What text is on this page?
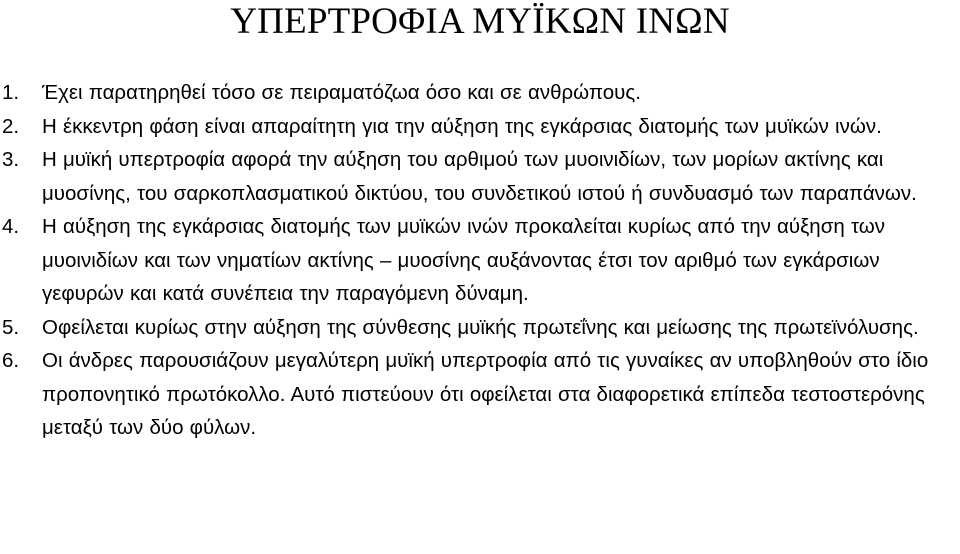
ΥΠΕΡΤΡΟΦΙΑ ΜΥΪΚΩΝ ΙΝΩΝ
1.	Έχει παρατηρηθεί τόσο σε πειραματόζωα όσο και σε ανθρώπους.
2.	Η έκκεντρη φάση είναι απαραίτητη για την αύξηση της εγκάρσιας διατομής των μυϊκών ινών.
3.	Η μυϊκή υπερτροφία αφορά την αύξηση του αρθιμού των μυοινιδίων, των μορίων ακτίνης και μυοσίνης, του σαρκοπλασματικού δικτύου, του συνδετικού ιστού ή συνδυασμό των παραπάνων.
4.	Η αύξηση της εγκάρσιας διατομής των μυϊκών ινών προκαλείται κυρίως από την αύξηση των μυοινιδίων και των νηματίων ακτίνης – μυοσίνης αυξάνοντας έτσι τον αριθμό των εγκάρσιων γεφυρών και κατά συνέπεια την παραγόμενη δύναμη.
5.	Οφείλεται κυρίως στην αύξηση της σύνθεσης μυϊκής πρωτεΐνης και μείωσης της πρωτεϊνόλυσης.
6.	Οι άνδρες παρουσιάζουν μεγαλύτερη μυϊκή υπερτροφία από τις γυναίκες αν υποβληθούν στο ίδιο προπονητικό πρωτόκολλο. Αυτό πιστεύουν ότι οφείλεται στα διαφορετικά επίπεδα τεστοστερόνης μεταξύ των δύο φύλων.
